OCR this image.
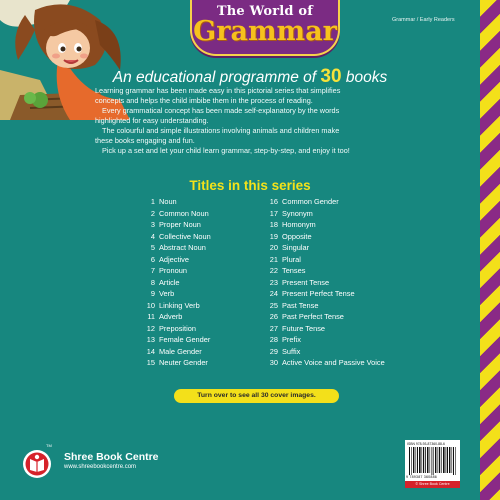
The World of
Grammar	Grammar / Early Readers
An educational programme of 30 books
Learning grammar has been made easy in this pictorial series that simplifies
concepts and helps the child imbibe them in the process of reading.
Every grammatical concept has been made self-explanatory by the words
highlighted for easy understanding.
The colourful and simple illustrations involving animals and children make
these books engaging and fun.
Pick up a set and let your child learn grammar, step-by-step, and enjoy it too!
Titles in this series
1 Noun
2 Common Noun
3 Proper Noun
4 Collective Noun
5 Abstract Noun
6 Adjective
7 Pronoun
8 Article
9 Verb
10 Linking Verb
11 Adverb
12 Preposition
13 Female Gender
14 Male Gender
15 Neuter Gender
16 Common Gender
17 Synonym
18 Homonym
19 Opposite
20 Singular
21 Plural
22 Tenses
23 Present Tense
24 Present Perfect Tense
25 Past Tense
26 Past Perfect Tense
27 Future Tense
28 Prefix
29 Suffix
30 Active Voice and Passive Voice
Turn over to see all 30 cover images.
TM
Shree Book Centre
www.shreebookcentre.com
ISBN 978-93-87360-88-6
9 789387 360886
© Shree Book Centre
